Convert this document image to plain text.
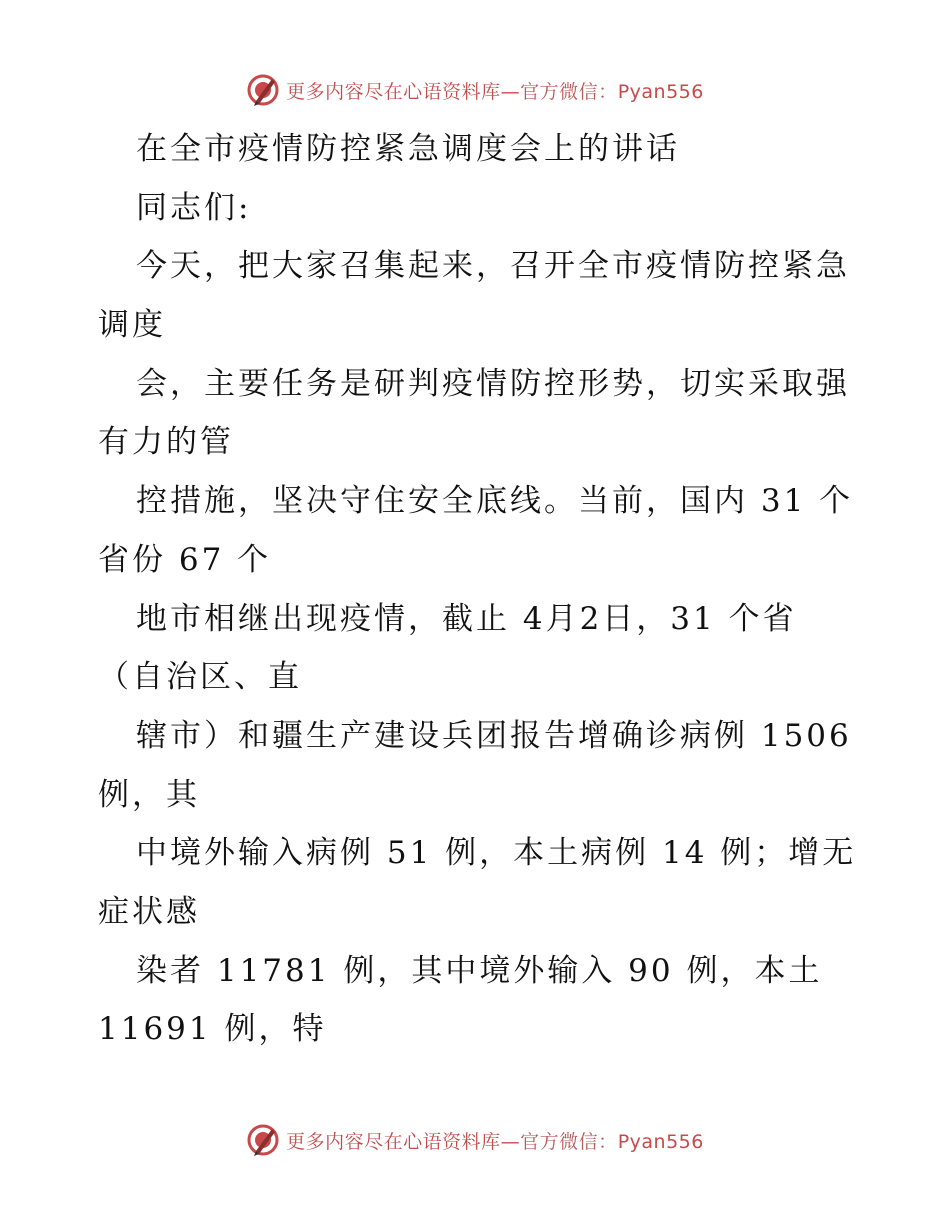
更多内容尽在心语资料库—官方微信：Pyan556
在全市疫情防控紧急调度会上的讲话
同志们:
今天，把大家召集起来，召开全市疫情防控紧急
调度
会，主要任务是研判疫情防控形势，切实采取强
有力的管
控措施，坚决守住安全底线。当前，国内 31 个
省份 67 个
地市相继出现疫情，截止 4月2日，31 个省
（自治区、直
辖市）和疆生产建设兵团报告增确诊病例 1506
例，其
中境外输入病例 51 例，本土病例 14 例；增无
症状感
染者 11781 例，其中境外输入 90 例，本土
11691 例，特
更多内容尽在心语资料库—官方微信：Pyan556
